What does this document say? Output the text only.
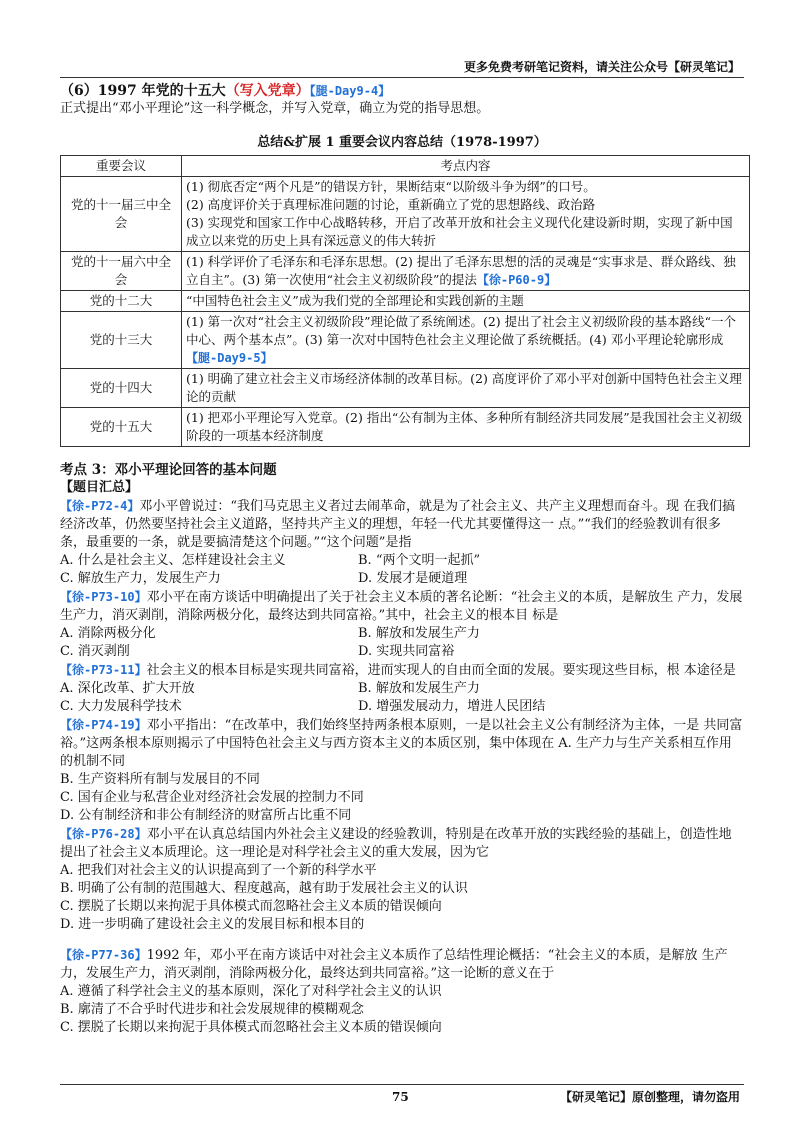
更多免费考研笔记资料，请关注公众号【研灵笔记】
（6）1997 年党的十五大（写入党章）【腿-Day9-4】
正式提出“邓小平理论”这一科学概念，并写入党章，确立为党的指导思想。
总结&扩展 1 重要会议内容总结（1978-1997）
重要会议	考点内容
党的十一届三中全会	(1) 彻底否定“两个凡是”的错误方针，果断结束“以阶级斗争为纲”的口号。
(2) 高度评价关于真理标准问题的讨论，重新确立了党的思想路线、政治路
(3) 实现党和国家工作中心战略转移，开启了改革开放和社会主义现代化建设新时期，实现了新中国成立以来党的历史上具有深远意义的伟大转折

党的十一届六中全会	(1) 科学评价了毛泽东和毛泽东思想。(2) 提出了毛泽东思想的活的灵魂是“实事求是、群众路线、独立自主”。(3) 第一次使用“社会主义初级阶段”的提法【徐-P60-9】
党的十二大	“中国特色社会主义”成为我们党的全部理论和实践创新的主题

党的十三大	(1) 第一次对“社会主义初级阶段”理论做了系统阐述。(2) 提出了社会主义初级阶段的基本路线“一个中心、两个基本点”。(3) 第一次对中国特色社会主义理论做了系统概括。(4) 邓小平理论轮廓形成【腿-Day9-5】
党的十四大	(1) 明确了建立社会主义市场经济体制的改革目标。(2) 高度评价了邓小平对创新中国特色社会主义理论的贡献

党的十五大	(1) 把邓小平理论写入党章。(2) 指出“公有制为主体、多种所有制经济共同发展”是我国社会主义初级阶段的一项基本经济制度
考点 3：邓小平理论回答的基本问题
【题目汇总】
【徐-P72-4】邓小平曾说过：“我们马克思主义者过去闹革命，就是为了社会主义、共产主义理想而奋斗。现 在我们搞经济改革，仍然要坚持社会主义道路，坚持共产主义的理想，年轻一代尤其要懂得这一 点。”“我们的经验教训有很多条，最重要的一条，就是要搞清楚这个问题。”“这个问题”是指
A. 什么是社会主义、怎样建设社会主义	B. “两个文明一起抓”
C. 解放生产力，发展生产力	D. 发展才是硬道理
【徐-P73-10】邓小平在南方谈话中明确提出了关于社会主义本质的著名论断：“社会主义的本质，是解放生 产力，发展生产力，消灭剥削，消除两极分化，最终达到共同富裕。”其中，社会主义的根本目 标是
A. 消除两极分化	B. 解放和发展生产力
C. 消灭剥削	D. 实现共同富裕
【徐-P73-11】社会主义的根本目标是实现共同富裕，进而实现人的自由而全面的发展。要实现这些目标，根 本途径是
A. 深化改革、扩大开放	B. 解放和发展生产力
C. 大力发展科学技术	D. 增强发展动力，增进人民团结
【徐-P74-19】邓小平指出：“在改革中，我们始终坚持两条根本原则，一是以社会主义公有制经济为主体，一是 共同富裕。”这两条根本原则揭示了中国特色社会主义与西方资本主义的本质区别，集中体现在 A. 生产力与生产关系相互作用的机制不同
B. 生产资料所有制与发展目的不同
C. 国有企业与私营企业对经济社会发展的控制力不同
D. 公有制经济和非公有制经济的财富所占比重不同
【徐-P76-28】邓小平在认真总结国内外社会主义建设的经验教训，特别是在改革开放的实践经验的基础上，创造性地提出了社会主义本质理论。这一理论是对科学社会主义的重大发展，因为它
A. 把我们对社会主义的认识提高到了一个新的科学水平
B. 明确了公有制的范围越大、程度越高，越有助于发展社会主义的认识
C. 摆脱了长期以来拘泥于具体模式而忽略社会主义本质的错误倾向
D. 进一步明确了建设社会主义的发展目标和根本目的
【徐-P77-36】1992 年，邓小平在南方谈话中对社会主义本质作了总结性理论概括：“社会主义的本质，是解放 生产力，发展生产力，消灭剥削，消除两极分化，最终达到共同富裕。”这一论断的意义在于
A. 遵循了科学社会主义的基本原则，深化了对科学社会主义的认识
B. 廓清了不合乎时代进步和社会发展规律的模糊观念
C. 摆脱了长期以来拘泥于具体模式而忽略社会主义本质的错误倾向
75	【研灵笔记】原创整理，请勿盗用
